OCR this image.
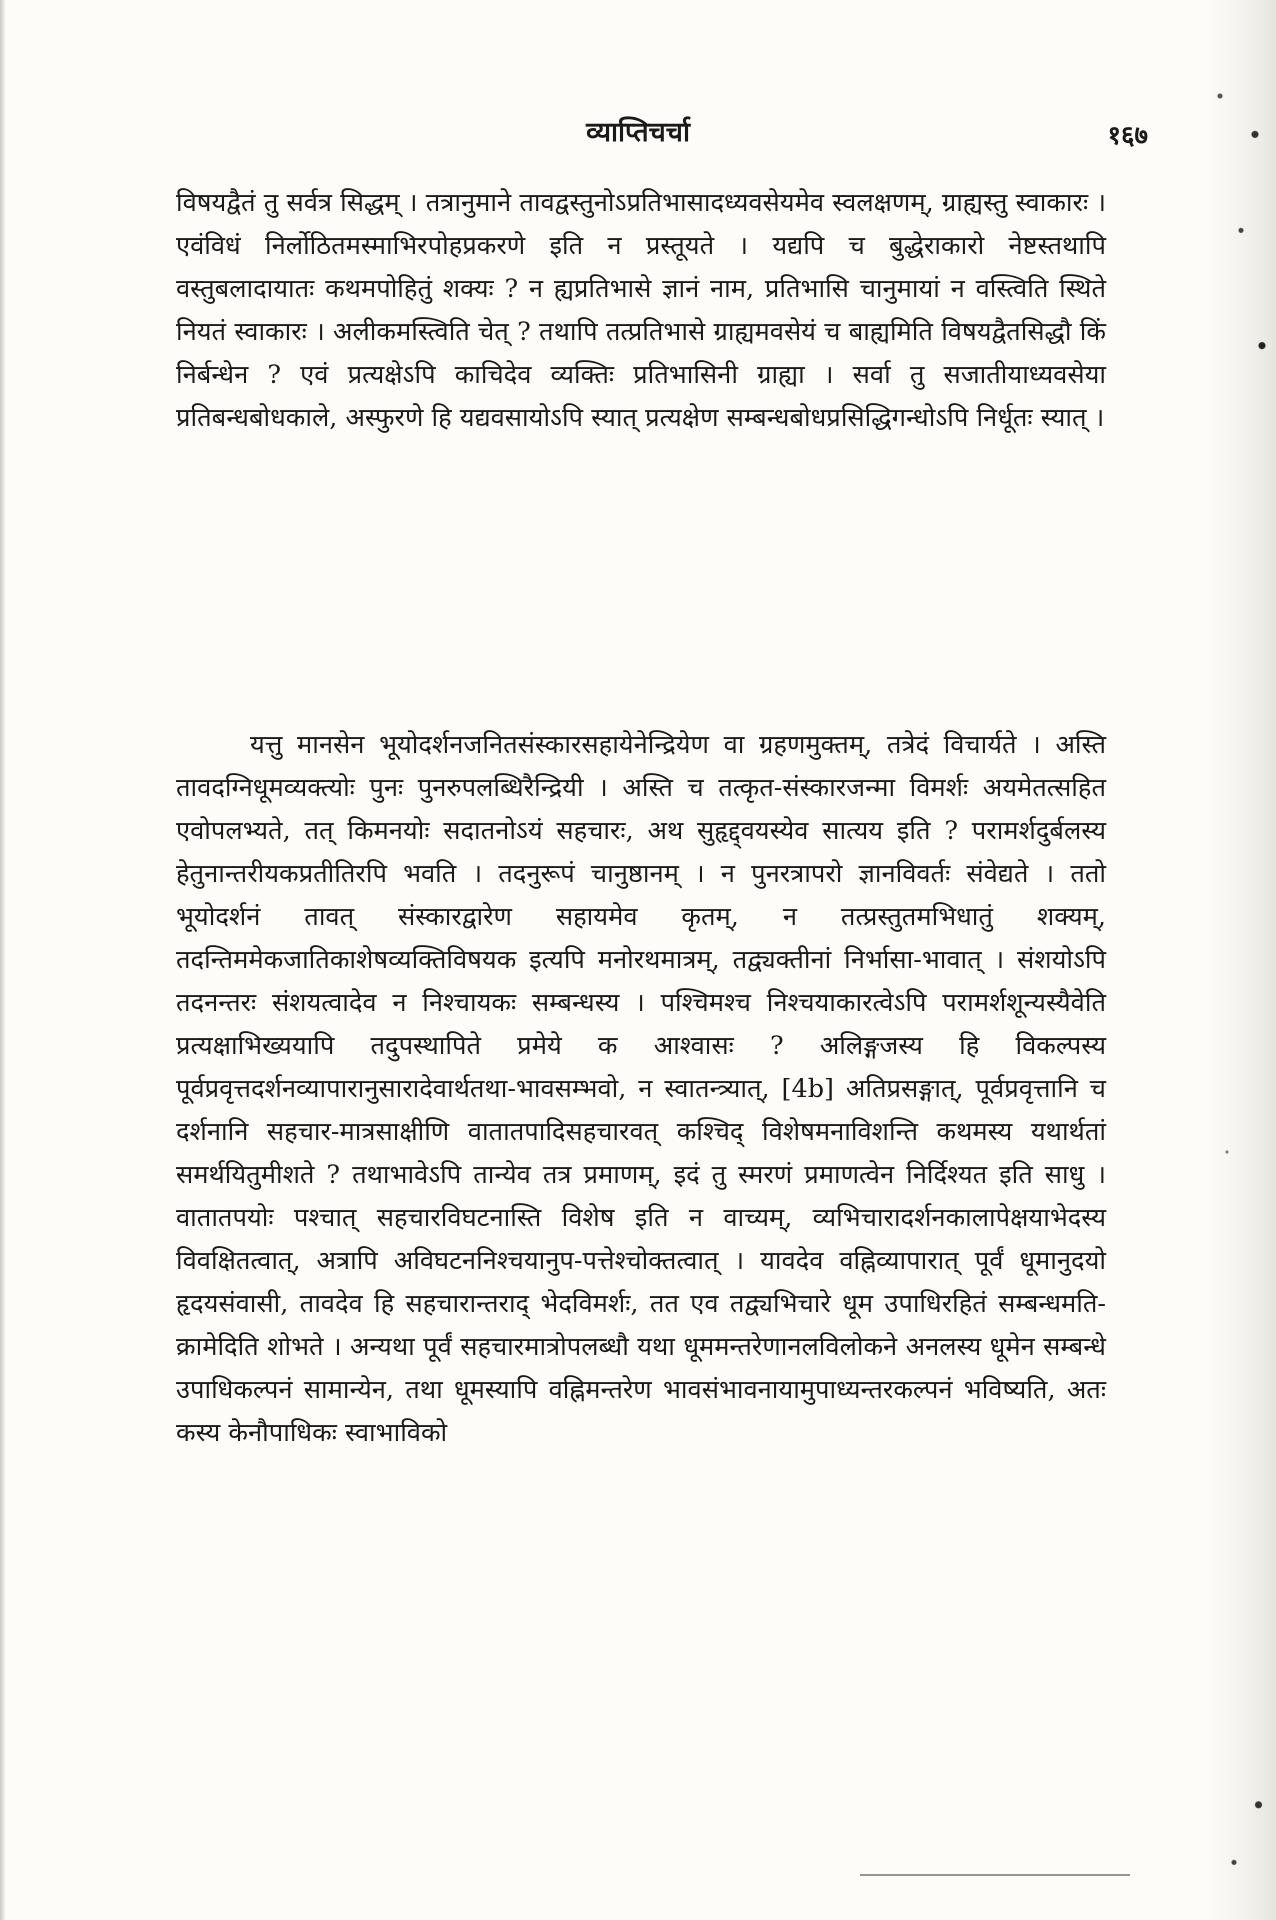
व्याप्तिचर्चा	१६७

विषयद्वैतं तु सर्वत्र सिद्धम् । तत्रानुमाने तावद्वस्तुनोऽप्रतिभासादध्यवसेयमेव स्वलक्षणम्, ग्राह्यस्तु स्वाकारः । एवंविधं निर्लोठितमस्माभिरपोहप्रकरणे इति न प्रस्तूयते । यद्यपि च बुद्धेराकारो नेष्टस्तथापि वस्तुबलादायातः कथमपोहितुं शक्यः ? न ह्यप्रतिभासे ज्ञानं नाम, प्रतिभासि चानुमायां न वस्त्विति स्थिते नियतं स्वाकारः । अलीकमस्त्विति चेत् ? तथापि तत्प्रतिभासे ग्राह्यमवसेयं च बाह्यमिति विषयद्वैतसिद्धौ किं निर्बन्धेन ? एवं प्रत्यक्षेऽपि काचिदेव व्यक्तिः प्रतिभासिनी ग्राह्या । सर्वा तु सजातीयाध्यवसेया प्रतिबन्धबोधकाले, अस्फुरणे हि यद्यवसायोऽपि स्यात् प्रत्यक्षेण सम्बन्धबोधप्रसिद्धिगन्धोऽपि निर्धूतः स्यात् ।

यत्तु मानसेन भूयोदर्शनजनितसंस्कारसहायेनेन्द्रियेण वा ग्रहणमुक्तम्, तत्रेदं विचार्यते । अस्ति तावदग्निधूमव्यक्त्योः पुनः पुनरुपलब्धिरैन्द्रियी । अस्ति च तत्कृत-संस्कारजन्मा विमर्शः अयमेतत्सहित एवोपलभ्यते, तत् किमनयोः सदातनोऽयं सहचारः, अथ सुहृद्द्वयस्येव सात्यय इति ? परामर्शदुर्बलस्य हेतुनान्तरीयकप्रतीतिरपि भवति । तदनुरूपं चानुष्ठानम् । न पुनरत्रापरो ज्ञानविवर्तः संवेद्यते । ततो भूयोदर्शनं तावत् संस्कारद्वारेण सहायमेव कृतम्, न तत्प्रस्तुतमभिधातुं शक्यम्, तदन्तिममेकजातिकाशेषव्यक्तिविषयक इत्यपि मनोरथमात्रम्, तद्व्यक्तीनां निर्भासा-भावात् । संशयोऽपि तदनन्तरः संशयत्वादेव न निश्चायकः सम्बन्धस्य । पश्चिमश्च निश्चयाकारत्वेऽपि परामर्शशून्यस्यैवेति प्रत्यक्षाभिख्ययापि तदुपस्थापिते प्रमेये क आश्वासः ? अलिङ्गजस्य हि विकल्पस्य पूर्वप्रवृत्तदर्शनव्यापारानुसारादेवार्थतथा-भावसम्भवो, न स्वातन्त्र्यात्, [4b] अतिप्रसङ्गात्, पूर्वप्रवृत्तानि च दर्शनानि सहचार-मात्रसाक्षीणि वातातपादिसहचारवत् कश्चिद् विशेषमनाविशन्ति कथमस्य यथार्थतां समर्थयितुमीशते ? तथाभावेऽपि तान्येव तत्र प्रमाणम्, इदं तु स्मरणं प्रमाणत्वेन निर्दिश्यत इति साधु । वातातपयोः पश्चात् सहचारविघटनास्ति विशेष इति न वाच्यम्, व्यभिचारादर्शनकालापेक्षयाभेदस्य विवक्षितत्वात्, अत्रापि अविघटननिश्चयानुप-पत्तेश्चोक्तत्वात् । यावदेव वह्निव्यापारात् पूर्वं धूमानुदयो हृदयसंवासी, तावदेव हि सहचारान्तराद् भेदविमर्शः, तत एव तद्व्यभिचारे धूम उपाधिरहितं सम्बन्धमति-क्रामेदिति शोभते । अन्यथा पूर्वं सहचारमात्रोपलब्धौ यथा धूममन्तरेणानलविलोकने अनलस्य धूमेन सम्बन्धे उपाधिकल्पनं सामान्येन, तथा धूमस्यापि वह्निमन्तरेण भावसंभावनायामुपाध्यन्तरकल्पनं भविष्यति, अतः कस्य केनौपाधिकः स्वाभाविको
